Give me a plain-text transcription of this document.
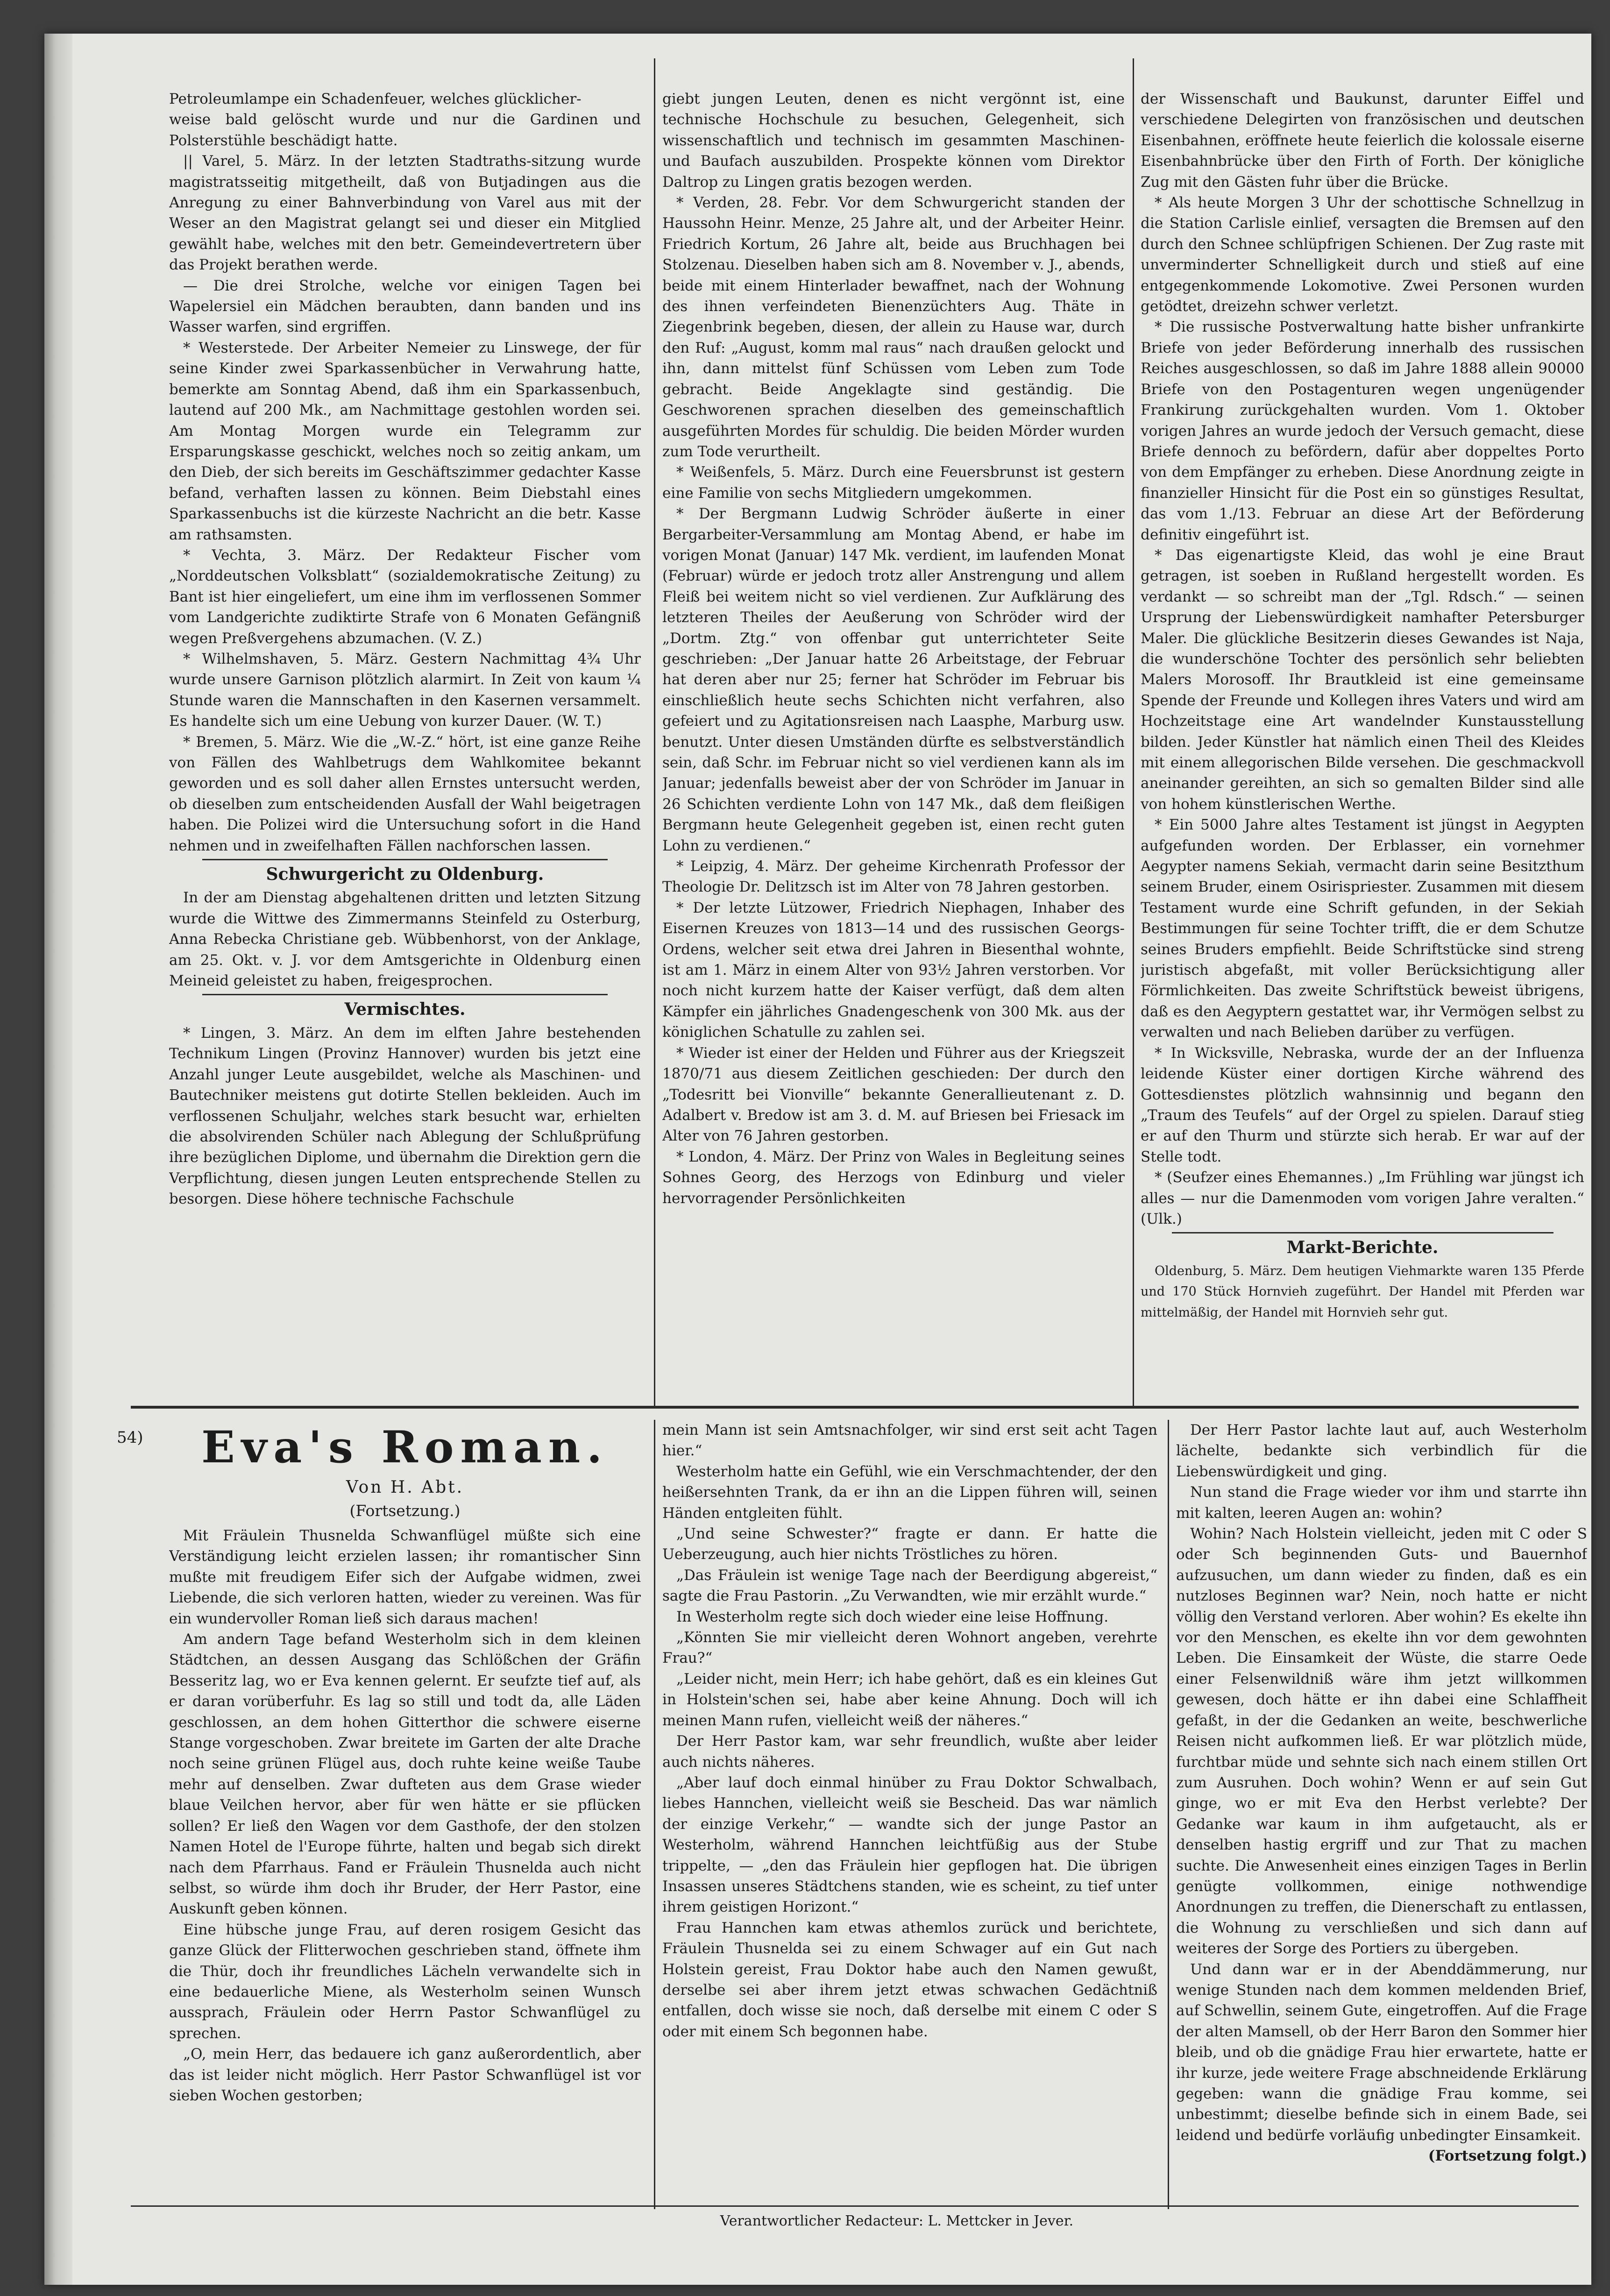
Petroleumlampe ein Schadenfeuer, welches glücklicher-

weise bald gelöscht wurde und nur die Gardinen und Polsterstühle beschädigt hatte.

|| Varel, 5. März. In der letzten Stadtraths-sitzung wurde magistratsseitig mitgetheilt, daß von Butjadingen aus die Anregung zu einer Bahnverbindung von Varel aus mit der Weser an den Magistrat gelangt sei und dieser ein Mitglied gewählt habe, welches mit den betr. Gemeindevertretern über das Projekt berathen werde.

— Die drei Strolche, welche vor einigen Tagen bei Wapelersiel ein Mädchen beraubten, dann banden und ins Wasser warfen, sind ergriffen.

* Westerstede. Der Arbeiter Nemeier zu Linswege, der für seine Kinder zwei Sparkassenbücher in Verwahrung hatte, bemerkte am Sonntag Abend, daß ihm ein Sparkassenbuch, lautend auf 200 Mk., am Nachmittage gestohlen worden sei. Am Montag Morgen wurde ein Telegramm zur Ersparungskasse geschickt, welches noch so zeitig ankam, um den Dieb, der sich bereits im Geschäftszimmer gedachter Kasse befand, verhaften lassen zu können. Beim Diebstahl eines Sparkassenbuchs ist die kürzeste Nachricht an die betr. Kasse am rathsamsten.

* Vechta, 3. März. Der Redakteur Fischer vom „Norddeutschen Volksblatt“ (sozialdemokratische Zeitung) zu Bant ist hier eingeliefert, um eine ihm im verflossenen Sommer vom Landgerichte zudiktirte Strafe von 6 Monaten Gefängniß wegen Preßvergehens abzumachen. (V. Z.)

* Wilhelmshaven, 5. März. Gestern Nachmittag 4¾ Uhr wurde unsere Garnison plötzlich alarmirt. In Zeit von kaum ¼ Stunde waren die Mannschaften in den Kasernen versammelt. Es handelte sich um eine Uebung von kurzer Dauer. (W. T.)

* Bremen, 5. März. Wie die „W.-Z.“ hört, ist eine ganze Reihe von Fällen des Wahlbetrugs dem Wahlkomitee bekannt geworden und es soll daher allen Ernstes untersucht werden, ob dieselben zum entscheidenden Ausfall der Wahl beigetragen haben. Die Polizei wird die Untersuchung sofort in die Hand nehmen und in zweifelhaften Fällen nachforschen lassen.

Schwurgericht zu Oldenburg.

In der am Dienstag abgehaltenen dritten und letzten Sitzung wurde die Wittwe des Zimmermanns Steinfeld zu Osterburg, Anna Rebecka Christiane geb. Wübbenhorst, von der Anklage, am 25. Okt. v. J. vor dem Amtsgerichte in Oldenburg einen Meineid geleistet zu haben, freigesprochen.

Vermischtes.

* Lingen, 3. März. An dem im elften Jahre bestehenden Technikum Lingen (Provinz Hannover) wurden bis jetzt eine Anzahl junger Leute ausgebildet, welche als Maschinen- und Bautechniker meistens gut dotirte Stellen bekleiden. Auch im verflossenen Schuljahr, welches stark besucht war, erhielten die absolvirenden Schüler nach Ablegung der Schlußprüfung ihre bezüglichen Diplome, und übernahm die Direktion gern die Verpflichtung, diesen jungen Leuten entsprechende Stellen zu besorgen. Diese höhere technische Fachschule

giebt jungen Leuten, denen es nicht vergönnt ist, eine technische Hochschule zu besuchen, Gelegenheit, sich wissenschaftlich und technisch im gesammten Maschinen- und Baufach auszubilden. Prospekte können vom Direktor Daltrop zu Lingen gratis bezogen werden.

* Verden, 28. Febr. Vor dem Schwurgericht standen der Haussohn Heinr. Menze, 25 Jahre alt, und der Arbeiter Heinr. Friedrich Kortum, 26 Jahre alt, beide aus Bruchhagen bei Stolzenau. Dieselben haben sich am 8. November v. J., abends, beide mit einem Hinterlader bewaffnet, nach der Wohnung des ihnen verfeindeten Bienenzüchters Aug. Thäte in Ziegenbrink begeben, diesen, der allein zu Hause war, durch den Ruf: „August, komm mal raus“ nach draußen gelockt und ihn, dann mittelst fünf Schüssen vom Leben zum Tode gebracht. Beide Angeklagte sind geständig. Die Geschworenen sprachen dieselben des gemeinschaftlich ausgeführten Mordes für schuldig. Die beiden Mörder wurden zum Tode verurtheilt.

* Weißenfels, 5. März. Durch eine Feuersbrunst ist gestern eine Familie von sechs Mitgliedern umgekommen.

* Der Bergmann Ludwig Schröder äußerte in einer Bergarbeiter-Versammlung am Montag Abend, er habe im vorigen Monat (Januar) 147 Mk. verdient, im laufenden Monat (Februar) würde er jedoch trotz aller Anstrengung und allem Fleiß bei weitem nicht so viel verdienen. Zur Aufklärung des letzteren Theiles der Aeußerung von Schröder wird der „Dortm. Ztg.“ von offenbar gut unterrichteter Seite geschrieben: „Der Januar hatte 26 Arbeitstage, der Februar hat deren aber nur 25; ferner hat Schröder im Februar bis einschließlich heute sechs Schichten nicht verfahren, also gefeiert und zu Agitationsreisen nach Laasphe, Marburg usw. benutzt. Unter diesen Umständen dürfte es selbstverständlich sein, daß Schr. im Februar nicht so viel verdienen kann als im Januar; jedenfalls beweist aber der von Schröder im Januar in 26 Schichten verdiente Lohn von 147 Mk., daß dem fleißigen Bergmann heute Gelegenheit gegeben ist, einen recht guten Lohn zu verdienen.“

* Leipzig, 4. März. Der geheime Kirchenrath Professor der Theologie Dr. Delitzsch ist im Alter von 78 Jahren gestorben.

* Der letzte Lützower, Friedrich Niephagen, Inhaber des Eisernen Kreuzes von 1813—14 und des russischen Georgs-Ordens, welcher seit etwa drei Jahren in Biesenthal wohnte, ist am 1. März in einem Alter von 93½ Jahren verstorben. Vor noch nicht kurzem hatte der Kaiser verfügt, daß dem alten Kämpfer ein jährliches Gnadengeschenk von 300 Mk. aus der königlichen Schatulle zu zahlen sei.

* Wieder ist einer der Helden und Führer aus der Kriegszeit 1870/71 aus diesem Zeitlichen geschieden: Der durch den „Todesritt bei Vionville“ bekannte Generallieutenant z. D. Adalbert v. Bredow ist am 3. d. M. auf Briesen bei Friesack im Alter von 76 Jahren gestorben.

* London, 4. März. Der Prinz von Wales in Begleitung seines Sohnes Georg, des Herzogs von Edinburg und vieler hervorragender Persönlichkeiten

der Wissenschaft und Baukunst, darunter Eiffel und verschiedene Delegirten von französischen und deutschen Eisenbahnen, eröffnete heute feierlich die kolossale eiserne Eisenbahnbrücke über den Firth of Forth. Der königliche Zug mit den Gästen fuhr über die Brücke.

* Als heute Morgen 3 Uhr der schottische Schnellzug in die Station Carlisle einlief, versagten die Bremsen auf den durch den Schnee schlüpfrigen Schienen. Der Zug raste mit unverminderter Schnelligkeit durch und stieß auf eine entgegenkommende Lokomotive. Zwei Personen wurden getödtet, dreizehn schwer verletzt.

* Die russische Postverwaltung hatte bisher unfrankirte Briefe von jeder Beförderung innerhalb des russischen Reiches ausgeschlossen, so daß im Jahre 1888 allein 90000 Briefe von den Postagenturen wegen ungenügender Frankirung zurückgehalten wurden. Vom 1. Oktober vorigen Jahres an wurde jedoch der Versuch gemacht, diese Briefe dennoch zu befördern, dafür aber doppeltes Porto von dem Empfänger zu erheben. Diese Anordnung zeigte in finanzieller Hinsicht für die Post ein so günstiges Resultat, das vom 1./13. Februar an diese Art der Beförderung definitiv eingeführt ist.

* Das eigenartigste Kleid, das wohl je eine Braut getragen, ist soeben in Rußland hergestellt worden. Es verdankt — so schreibt man der „Tgl. Rdsch.“ — seinen Ursprung der Liebenswürdigkeit namhafter Petersburger Maler. Die glückliche Besitzerin dieses Gewandes ist Naja, die wunderschöne Tochter des persönlich sehr beliebten Malers Morosoff. Ihr Brautkleid ist eine gemeinsame Spende der Freunde und Kollegen ihres Vaters und wird am Hochzeitstage eine Art wandelnder Kunstausstellung bilden. Jeder Künstler hat nämlich einen Theil des Kleides mit einem allegorischen Bilde versehen. Die geschmackvoll aneinander gereihten, an sich so gemalten Bilder sind alle von hohem künstlerischen Werthe.

* Ein 5000 Jahre altes Testament ist jüngst in Aegypten aufgefunden worden. Der Erblasser, ein vornehmer Aegypter namens Sekiah, vermacht darin seine Besitzthum seinem Bruder, einem Osirispriester. Zusammen mit diesem Testament wurde eine Schrift gefunden, in der Sekiah Bestimmungen für seine Tochter trifft, die er dem Schutze seines Bruders empfiehlt. Beide Schriftstücke sind streng juristisch abgefaßt, mit voller Berücksichtigung aller Förmlichkeiten. Das zweite Schriftstück beweist übrigens, daß es den Aegyptern gestattet war, ihr Vermögen selbst zu verwalten und nach Belieben darüber zu verfügen.

* In Wicksville, Nebraska, wurde der an der Influenza leidende Küster einer dortigen Kirche während des Gottesdienstes plötzlich wahnsinnig und begann den „Traum des Teufels“ auf der Orgel zu spielen. Darauf stieg er auf den Thurm und stürzte sich herab. Er war auf der Stelle todt.

* (Seufzer eines Ehemannes.) „Im Frühling war jüngst ich alles — nur die Damenmoden vom vorigen Jahre veralten.“ (Ulk.)

Markt-Berichte.

Oldenburg, 5. März. Dem heutigen Viehmarkte waren 135 Pferde und 170 Stück Hornvieh zugeführt. Der Handel mit Pferden war mittelmäßig, der Handel mit Hornvieh sehr gut.

54)	Eva's Roman.
Von H. Abt.
(Fortsetzung.)

Mit Fräulein Thusnelda Schwanflügel müßte sich eine Verständigung leicht erzielen lassen; ihr romantischer Sinn mußte mit freudigem Eifer sich der Aufgabe widmen, zwei Liebende, die sich verloren hatten, wieder zu vereinen. Was für ein wundervoller Roman ließ sich daraus machen!

Am andern Tage befand Westerholm sich in dem kleinen Städtchen, an dessen Ausgang das Schlößchen der Gräfin Besseritz lag, wo er Eva kennen gelernt. Er seufzte tief auf, als er daran vorüberfuhr. Es lag so still und todt da, alle Läden geschlossen, an dem hohen Gitterthor die schwere eiserne Stange vorgeschoben. Zwar breitete im Garten der alte Drache noch seine grünen Flügel aus, doch ruhte keine weiße Taube mehr auf denselben. Zwar dufteten aus dem Grase wieder blaue Veilchen hervor, aber für wen hätte er sie pflücken sollen? Er ließ den Wagen vor dem Gasthofe, der den stolzen Namen Hotel de l'Europe führte, halten und begab sich direkt nach dem Pfarrhaus. Fand er Fräulein Thusnelda auch nicht selbst, so würde ihm doch ihr Bruder, der Herr Pastor, eine Auskunft geben können.

Eine hübsche junge Frau, auf deren rosigem Gesicht das ganze Glück der Flitterwochen geschrieben stand, öffnete ihm die Thür, doch ihr freundliches Lächeln verwandelte sich in eine bedauerliche Miene, als Westerholm seinen Wunsch aussprach, Fräulein oder Herrn Pastor Schwanflügel zu sprechen.

„O, mein Herr, das bedauere ich ganz außerordentlich, aber das ist leider nicht möglich. Herr Pastor Schwanflügel ist vor sieben Wochen gestorben;

mein Mann ist sein Amtsnachfolger, wir sind erst seit acht Tagen hier.“

Westerholm hatte ein Gefühl, wie ein Verschmachtender, der den heißersehnten Trank, da er ihn an die Lippen führen will, seinen Händen entgleiten fühlt.

„Und seine Schwester?“ fragte er dann. Er hatte die Ueberzeugung, auch hier nichts Tröstliches zu hören.

„Das Fräulein ist wenige Tage nach der Beerdigung abgereist,“ sagte die Frau Pastorin. „Zu Verwandten, wie mir erzählt wurde.“

In Westerholm regte sich doch wieder eine leise Hoffnung.

„Könnten Sie mir vielleicht deren Wohnort angeben, verehrte Frau?“

„Leider nicht, mein Herr; ich habe gehört, daß es ein kleines Gut in Holstein'schen sei, habe aber keine Ahnung. Doch will ich meinen Mann rufen, vielleicht weiß der näheres.“

Der Herr Pastor kam, war sehr freundlich, wußte aber leider auch nichts näheres.

„Aber lauf doch einmal hinüber zu Frau Doktor Schwalbach, liebes Hannchen, vielleicht weiß sie Bescheid. Das war nämlich der einzige Verkehr,“ — wandte sich der junge Pastor an Westerholm, während Hannchen leichtfüßig aus der Stube trippelte, — „den das Fräulein hier gepflogen hat. Die übrigen Insassen unseres Städtchens standen, wie es scheint, zu tief unter ihrem geistigen Horizont.“

Frau Hannchen kam etwas athemlos zurück und berichtete, Fräulein Thusnelda sei zu einem Schwager auf ein Gut nach Holstein gereist, Frau Doktor habe auch den Namen gewußt, derselbe sei aber ihrem jetzt etwas schwachen Gedächtniß entfallen, doch wisse sie noch, daß derselbe mit einem C oder S oder mit einem Sch begonnen habe.

Der Herr Pastor lachte laut auf, auch Westerholm lächelte, bedankte sich verbindlich für die Liebenswürdigkeit und ging.

Nun stand die Frage wieder vor ihm und starrte ihn mit kalten, leeren Augen an: wohin?

Wohin? Nach Holstein vielleicht, jeden mit C oder S oder Sch beginnenden Guts- und Bauernhof aufzusuchen, um dann wieder zu finden, daß es ein nutzloses Beginnen war? Nein, noch hatte er nicht völlig den Verstand verloren. Aber wohin? Es ekelte ihn vor den Menschen, es ekelte ihn vor dem gewohnten Leben. Die Einsamkeit der Wüste, die starre Oede einer Felsenwildniß wäre ihm jetzt willkommen gewesen, doch hätte er ihn dabei eine Schlaffheit gefaßt, in der die Gedanken an weite, beschwerliche Reisen nicht aufkommen ließ. Er war plötzlich müde, furchtbar müde und sehnte sich nach einem stillen Ort zum Ausruhen. Doch wohin? Wenn er auf sein Gut ginge, wo er mit Eva den Herbst verlebte? Der Gedanke war kaum in ihm aufgetaucht, als er denselben hastig ergriff und zur That zu machen suchte. Die Anwesenheit eines einzigen Tages in Berlin genügte vollkommen, einige nothwendige Anordnungen zu treffen, die Dienerschaft zu entlassen, die Wohnung zu verschließen und sich dann auf weiteres der Sorge des Portiers zu übergeben.

Und dann war er in der Abenddämmerung, nur wenige Stunden nach dem kommen meldenden Brief, auf Schwellin, seinem Gute, eingetroffen. Auf die Frage der alten Mamsell, ob der Herr Baron den Sommer hier bleib, und ob die gnädige Frau hier erwartete, hatte er ihr kurze, jede weitere Frage abschneidende Erklärung gegeben: wann die gnädige Frau komme, sei unbestimmt; dieselbe befinde sich in einem Bade, sei leidend und bedürfe vorläufig unbedingter Einsamkeit.

(Fortsetzung folgt.)

Verantwortlicher Redacteur: L. Mettcker in Jever.
